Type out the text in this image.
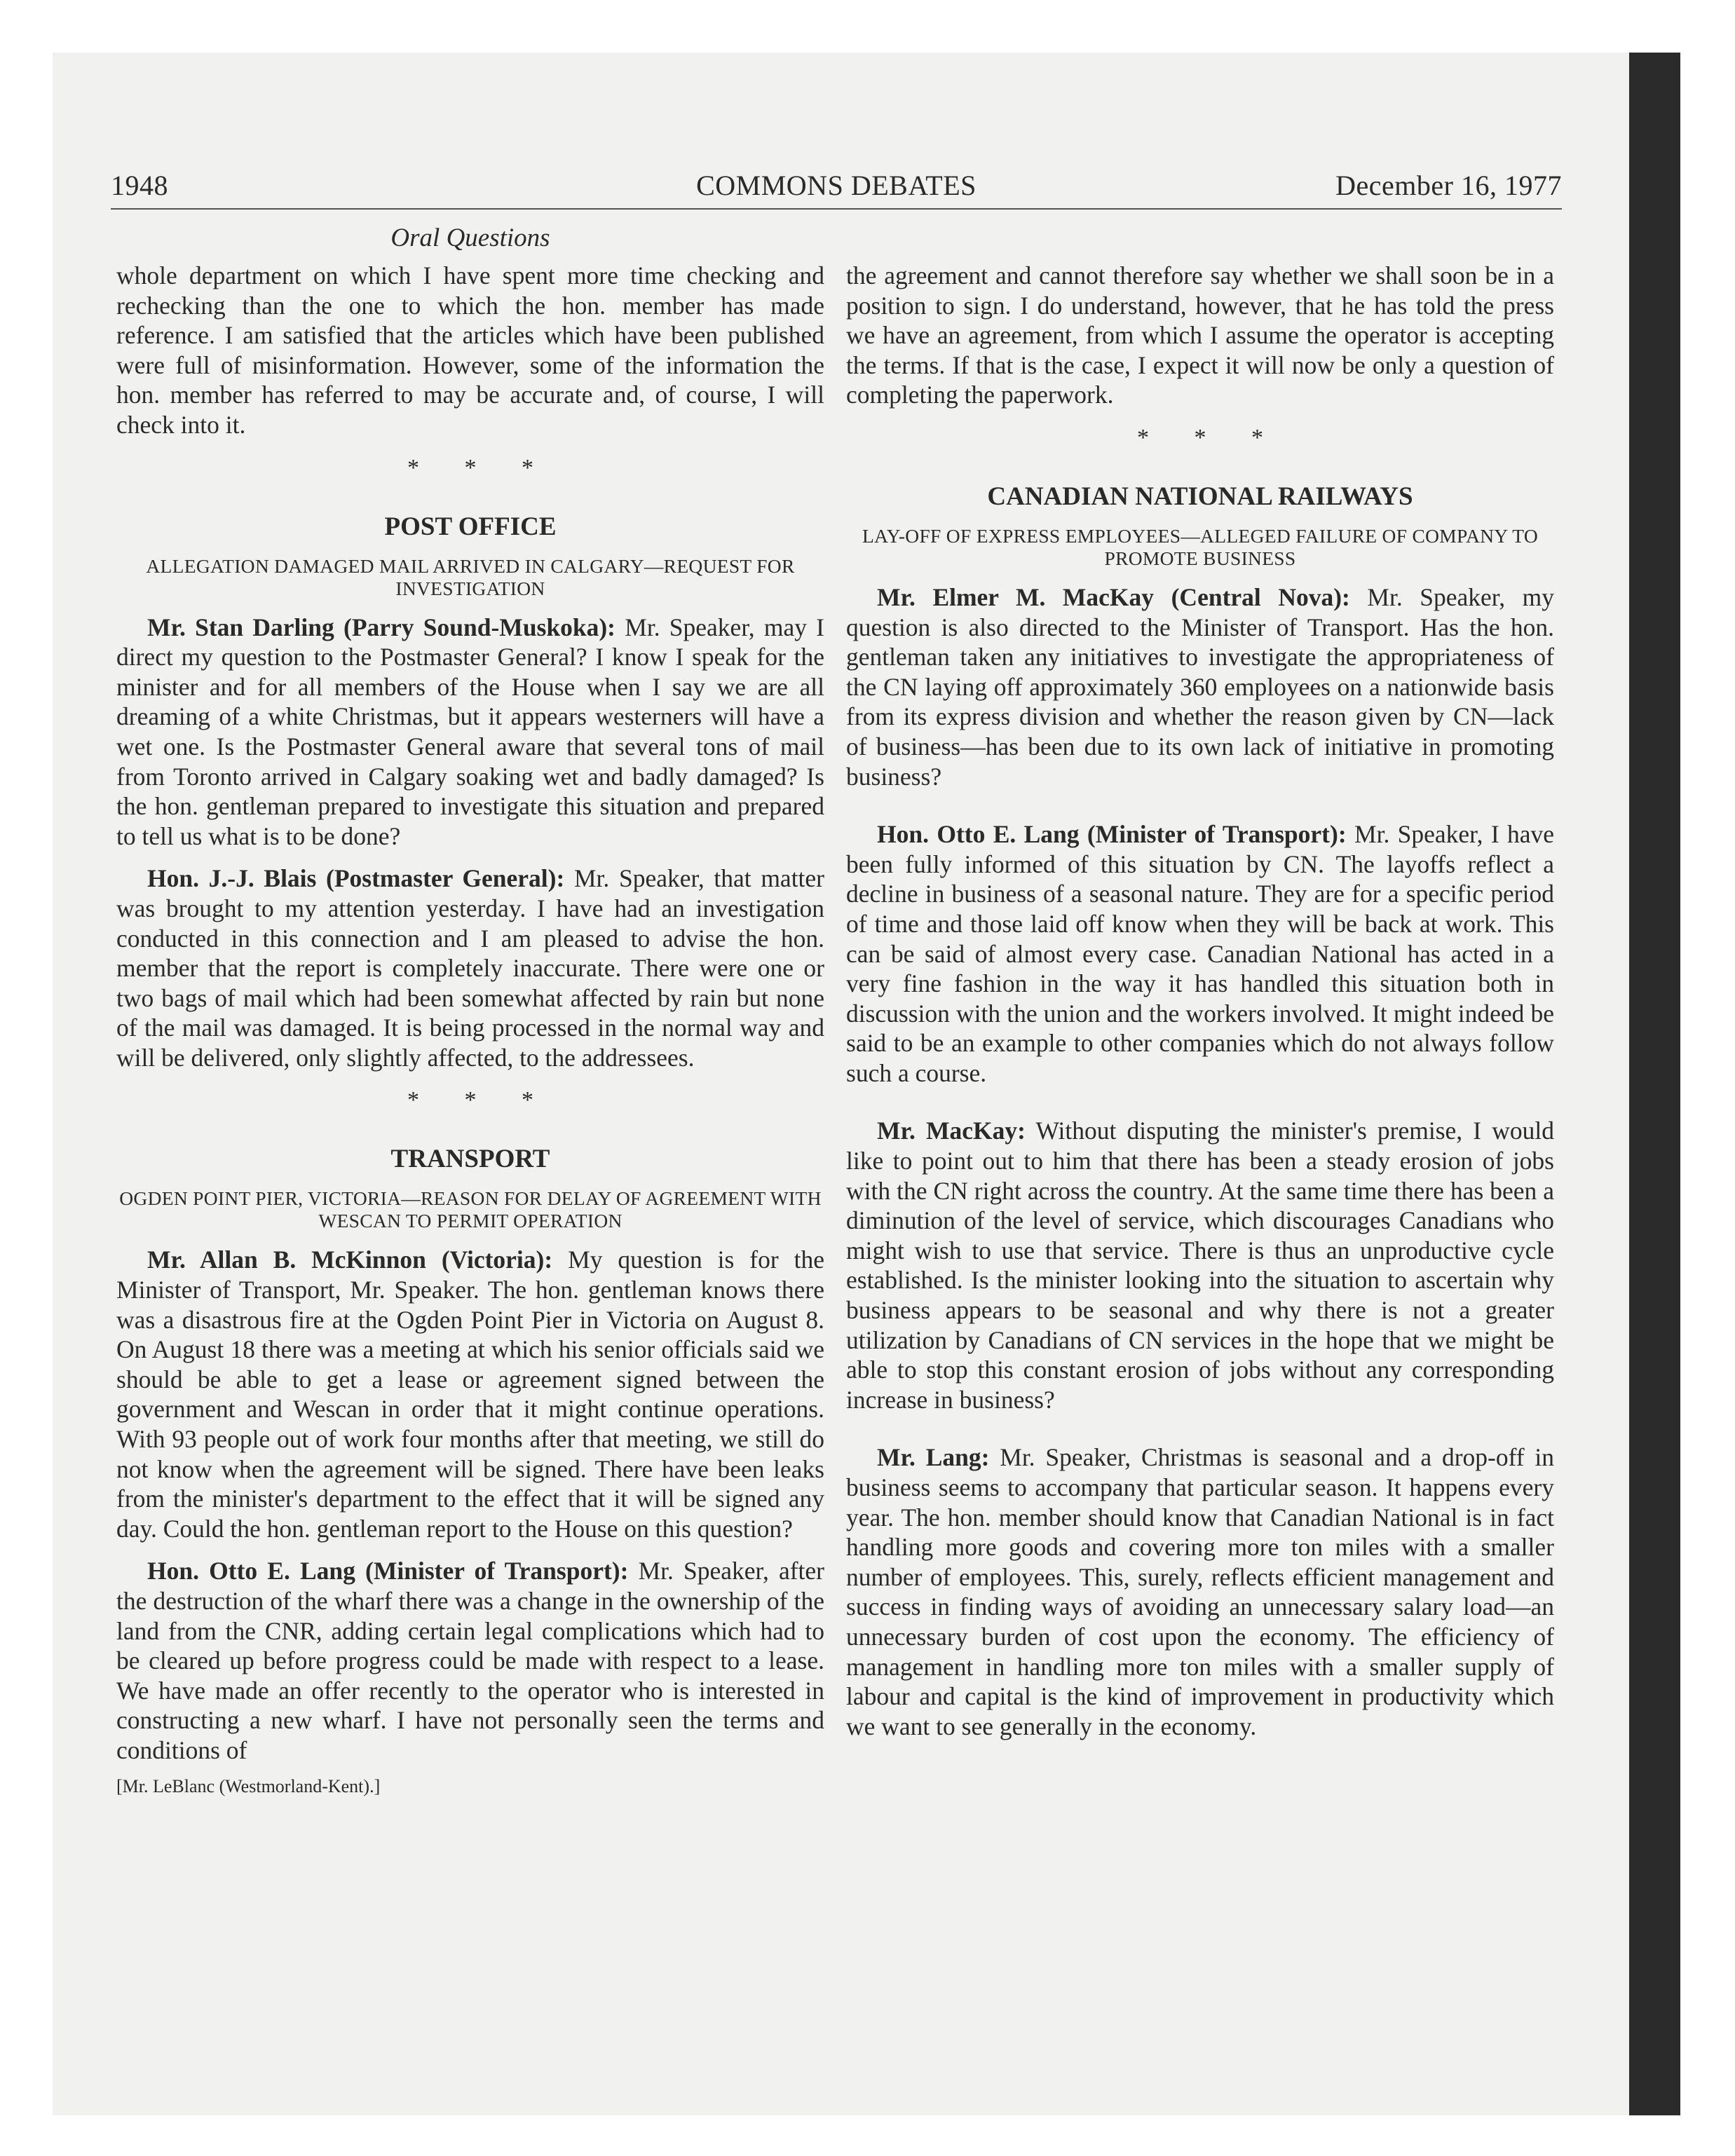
1948	COMMONS DEBATES	December 16, 1977
Oral Questions

whole department on which I have spent more time checking and rechecking than the one to which the hon. member has made reference. I am satisfied that the articles which have been published were full of misinformation. However, some of the information the hon. member has referred to may be accurate and, of course, I will check into it.

* * *
POST OFFICE
ALLEGATION DAMAGED MAIL ARRIVED IN CALGARY—REQUEST FOR INVESTIGATION

Mr. Stan Darling (Parry Sound-Muskoka): Mr. Speaker, may I direct my question to the Postmaster General? I know I speak for the minister and for all members of the House when I say we are all dreaming of a white Christmas, but it appears westerners will have a wet one. Is the Postmaster General aware that several tons of mail from Toronto arrived in Calgary soaking wet and badly damaged? Is the hon. gentleman prepared to investigate this situation and prepared to tell us what is to be done?

Hon. J.-J. Blais (Postmaster General): Mr. Speaker, that matter was brought to my attention yesterday. I have had an investigation conducted in this connection and I am pleased to advise the hon. member that the report is completely inaccurate. There were one or two bags of mail which had been somewhat affected by rain but none of the mail was damaged. It is being processed in the normal way and will be delivered, only slightly affected, to the addressees.

* * *
TRANSPORT
OGDEN POINT PIER, VICTORIA—REASON FOR DELAY OF AGREEMENT WITH WESCAN TO PERMIT OPERATION

Mr. Allan B. McKinnon (Victoria): My question is for the Minister of Transport, Mr. Speaker. The hon. gentleman knows there was a disastrous fire at the Ogden Point Pier in Victoria on August 8. On August 18 there was a meeting at which his senior officials said we should be able to get a lease or agreement signed between the government and Wescan in order that it might continue operations. With 93 people out of work four months after that meeting, we still do not know when the agreement will be signed. There have been leaks from the minister's department to the effect that it will be signed any day. Could the hon. gentleman report to the House on this question?

Hon. Otto E. Lang (Minister of Transport): Mr. Speaker, after the destruction of the wharf there was a change in the ownership of the land from the CNR, adding certain legal complications which had to be cleared up before progress could be made with respect to a lease. We have made an offer recently to the operator who is interested in constructing a new wharf. I have not personally seen the terms and conditions of

[Mr. LeBlanc (Westmorland-Kent).]

the agreement and cannot therefore say whether we shall soon be in a position to sign. I do understand, however, that he has told the press we have an agreement, from which I assume the operator is accepting the terms. If that is the case, I expect it will now be only a question of completing the paperwork.

* * *
CANADIAN NATIONAL RAILWAYS
LAY-OFF OF EXPRESS EMPLOYEES—ALLEGED FAILURE OF COMPANY TO PROMOTE BUSINESS

Mr. Elmer M. MacKay (Central Nova): Mr. Speaker, my question is also directed to the Minister of Transport. Has the hon. gentleman taken any initiatives to investigate the appropriateness of the CN laying off approximately 360 employees on a nationwide basis from its express division and whether the reason given by CN—lack of business—has been due to its own lack of initiative in promoting business?

Hon. Otto E. Lang (Minister of Transport): Mr. Speaker, I have been fully informed of this situation by CN. The layoffs reflect a decline in business of a seasonal nature. They are for a specific period of time and those laid off know when they will be back at work. This can be said of almost every case. Canadian National has acted in a very fine fashion in the way it has handled this situation both in discussion with the union and the workers involved. It might indeed be said to be an example to other companies which do not always follow such a course.

Mr. MacKay: Without disputing the minister's premise, I would like to point out to him that there has been a steady erosion of jobs with the CN right across the country. At the same time there has been a diminution of the level of service, which discourages Canadians who might wish to use that service. There is thus an unproductive cycle established. Is the minister looking into the situation to ascertain why business appears to be seasonal and why there is not a greater utilization by Canadians of CN services in the hope that we might be able to stop this constant erosion of jobs without any corresponding increase in business?

Mr. Lang: Mr. Speaker, Christmas is seasonal and a drop-off in business seems to accompany that particular season. It happens every year. The hon. member should know that Canadian National is in fact handling more goods and covering more ton miles with a smaller number of employees. This, surely, reflects efficient management and success in finding ways of avoiding an unnecessary salary load—an unnecessary burden of cost upon the economy. The efficiency of management in handling more ton miles with a smaller supply of labour and capital is the kind of improvement in productivity which we want to see generally in the economy.
